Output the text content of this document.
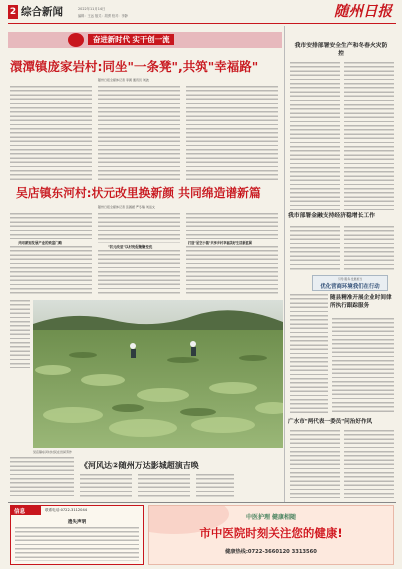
2 综合新闻	2022年11月14日
编辑：王远 版式：胡勇 校对：李静	随州日报
奋进新时代 实干创一流
澴潭镇庞家岩村:同坐"一条凳",共筑"幸福路"
随州日报全媒体记者 李朗 通讯员 刘波
吴店镇东河村:状元改里换新颜 共同绵造谱新篇
随州日报全媒体记者 张圆媛 严冬瑞 刘远文
共同谋划发展产业的致富门路
"状元改里"以村宪促聚聚变优
打造"星空小镇"共享乡村幸福美好生活新蓝图
吴店镇东河村村民在田间劳作
《河风达②随州万达影城超演吉唤
我市安排部署安全生产和冬春火灾防控
我市部署金融支持经济稳增长工作
引导·服务·发展担当
优化营商环境我们在行动
随县精准开展企业时间律所执行跟踪服务
广水市"两代表一委员"问治好作风
信息	联系电话:0722-3112044
遗失声明
中医护理 健康相随
市中医院时刻关注您的健康!
健康热线:0722-3660120 3313560
